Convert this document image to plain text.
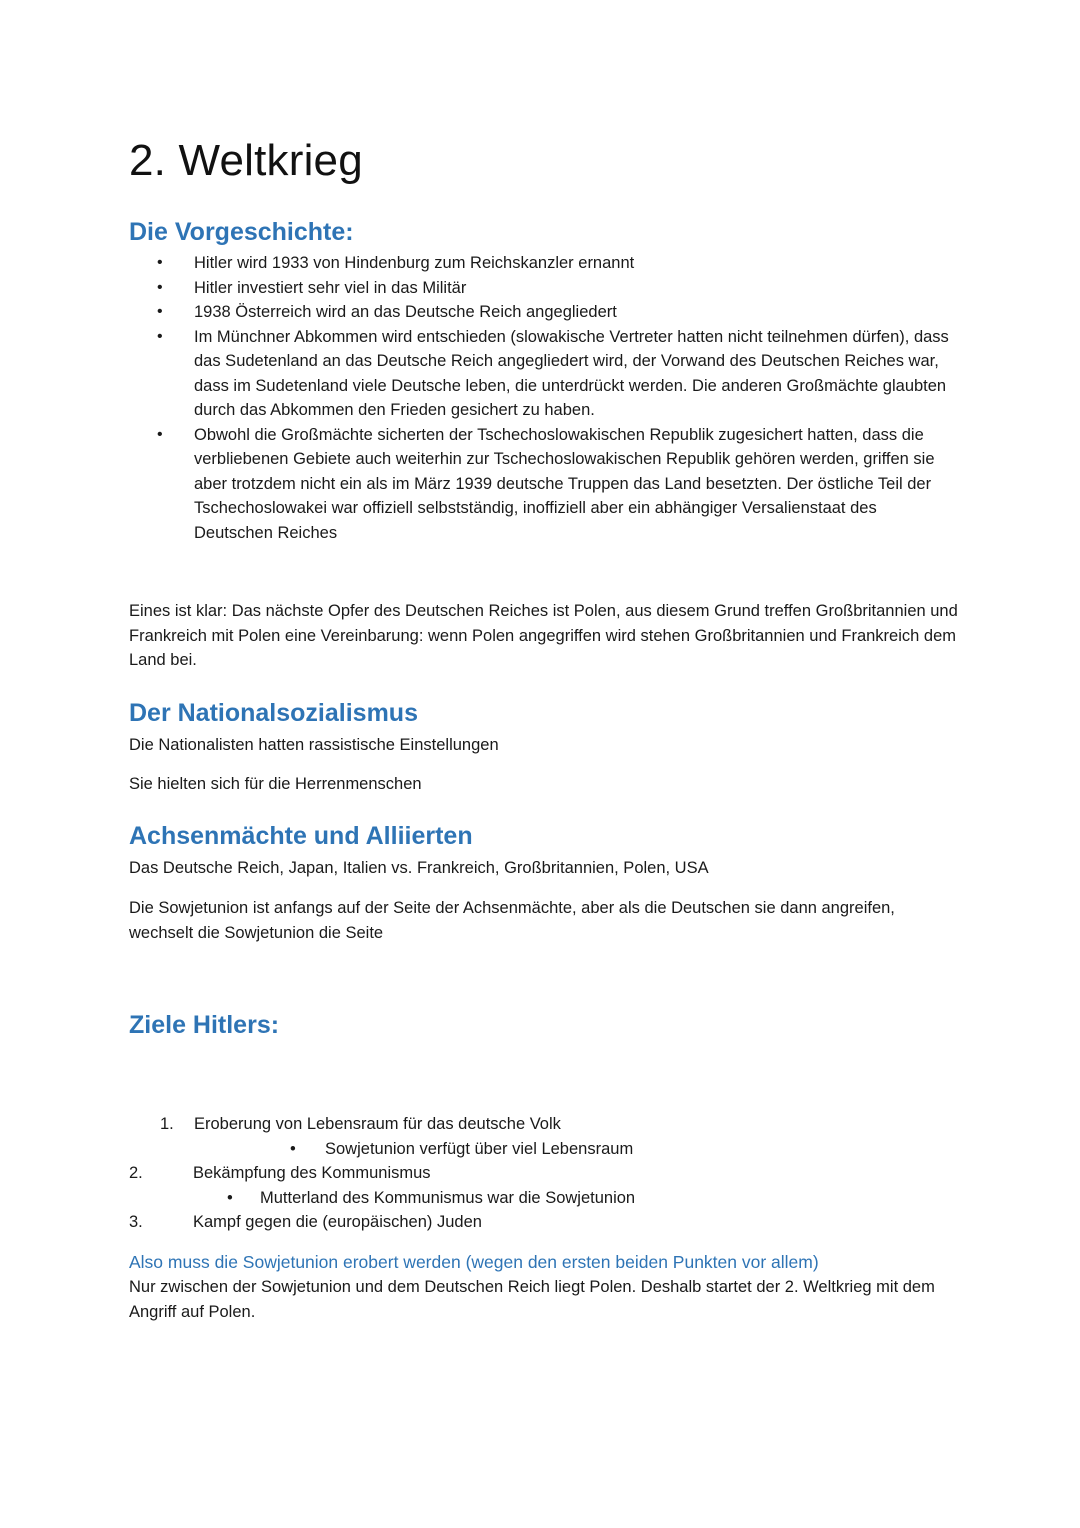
2. Weltkrieg
Die Vorgeschichte:
• Hitler wird 1933 von Hindenburg zum Reichskanzler ernannt
• Hitler investiert sehr viel in das Militär
• 1938 Österreich wird an das Deutsche Reich angegliedert
• Im Münchner Abkommen wird entschieden (slowakische Vertreter hatten nicht teilnehmen dürfen), dass das Sudetenland an das Deutsche Reich angegliedert wird, der Vorwand des Deutschen Reiches war, dass im Sudetenland viele Deutsche leben, die unterdrückt werden. Die anderen Großmächte glaubten durch das Abkommen den Frieden gesichert zu haben.
• Obwohl die Großmächte sicherten der Tschechoslowakischen Republik zugesichert hatten, dass die verbliebenen Gebiete auch weiterhin zur Tschechoslowakischen Republik gehören werden, griffen sie aber trotzdem nicht ein als im März 1939 deutsche Truppen das Land besetzten. Der östliche Teil der Tschechoslowakei war offiziell selbstständig, inoffiziell aber ein abhängiger Versalienstaat des Deutschen Reiches

Eines ist klar: Das nächste Opfer des Deutschen Reiches ist Polen, aus diesem Grund treffen Großbritannien und Frankreich mit Polen eine Vereinbarung: wenn Polen angegriffen wird stehen Großbritannien und Frankreich dem Land bei.

Der Nationalsozialismus

Die Nationalisten hatten rassistische Einstellungen

Sie hielten sich für die Herrenmenschen

Achsenmächte und Alliierten

Das Deutsche Reich, Japan, Italien vs. Frankreich, Großbritannien, Polen, USA

Die Sowjetunion ist anfangs auf der Seite der Achsenmächte, aber als die Deutschen sie dann angreifen, wechselt die Sowjetunion die Seite

Ziele Hitlers:
1. Eroberung von Lebensraum für das deutsche Volk
• Sowjetunion verfügt über viel Lebensraum
2.	Bekämpfung des Kommunismus
• Mutterland des Kommunismus war die Sowjetunion
3.	Kampf gegen die (europäischen) Juden

Also muss die Sowjetunion erobert werden (wegen den ersten beiden Punkten vor allem)

Nur zwischen der Sowjetunion und dem Deutschen Reich liegt Polen. Deshalb startet der 2. Weltkrieg mit dem Angriff auf Polen.
